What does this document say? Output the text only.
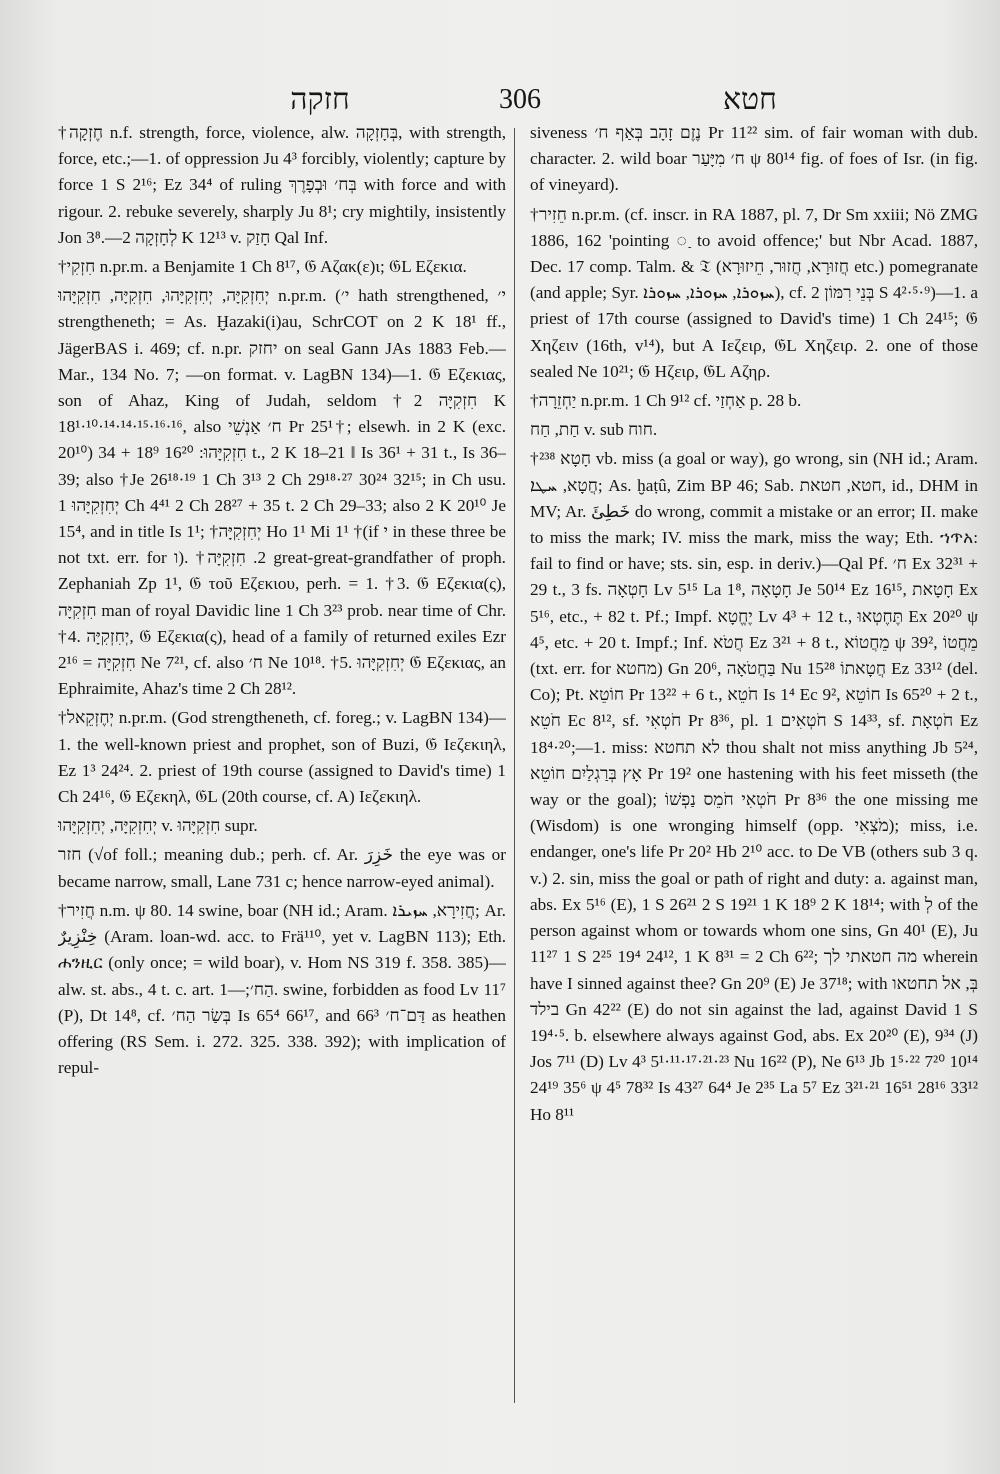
חזקה	306	חטא

†חֶזְקָה n.f. strength, force, violence, alw. בְּחָזְקָה, with strength, force, etc.;—1. of oppression Ju 4³ forcibly, violently; capture by force 1 S 2¹⁶; Ez 34⁴ of ruling בְּח׳ וּבְפָרֶךְ with force and with rigour. 2. rebuke severely, sharply Ju 8¹; cry mightily, insistently Jon 3⁸.—לְחָזְקָה 2 K 12¹³ v. חָזַק Qal Inf.

†חִזְקִי n.pr.m. a Benjamite 1 Ch 8¹⁷, 𝔊 Aζακ(ε)ι; 𝔊L Εζεκια.

יְחִזְקִיָּה, יְחִזְקִיָּהוּ, חִזְקִיָּה, חִזְקִיָּהוּ n.pr.m. (י׳ hath strengthened, י׳ strengtheneth; = As. Ḫazaki(i)au, SchrCOT on 2 K 18¹ ff., JägerBAS i. 469; cf. n.pr. יחזק on seal Gann JAs 1883 Feb.—Mar., 134 No. 7; —on format. v. LagBN 134)—1. 𝔊 Εζεκιας, son of Ahaz, King of Judah, seldom †חִזְקִיָּה 2 K 18¹·¹⁰·¹⁴·¹⁴·¹⁵·¹⁶·¹⁶, also ח׳ אַנְשֵׁי Pr 25¹†; elsewh. in 2 K (exc. 20¹⁰) חִזְקִיָּהוּ: 16²⁰ 18⁹ + 34 t., 2 K 18–21 ‖ Is 36¹ + 31 t., Is 36–39; also †Je 26¹⁸·¹⁹ 1 Ch 3¹³ 2 Ch 29¹⁸·²⁷ 30²⁴ 32¹⁵; in Ch usu. יְחִזְקִיָּהוּ 1 Ch 4⁴¹ 2 Ch 28²⁷ + 35 t. 2 Ch 29–33; also 2 K 20¹⁰ Je 15⁴, and in title Is 1¹; †יְחִזְקִיָּה Ho 1¹ Mi 1¹ †(if י in these three be not txt. err. for ו). †2. חִזְקִיָּה great-great-grandfather of proph. Zephaniah Zp 1¹, 𝔊 τοῦ Εζεκιου, perh. = 1. †3. 𝔊 Εζεκια(ς), חִזְקִיָּה man of royal Davidic line 1 Ch 3²³ prob. near time of Chr. †4. יְחִזְקִיָּה, 𝔊 Εζεκια(ς), head of a family of returned exiles Ezr 2¹⁶ = חִזְקִיָּה Ne 7²¹, cf. also ח׳ Ne 10¹⁸. †5. יְחִזְקִיָּהוּ 𝔊 Εζεκιας, an Ephraimite, Ahaz's time 2 Ch 28¹².

†יְחֶזְקֵאל n.pr.m. (God strengtheneth, cf. foreg.; v. LagBN 134)—1. the well-known priest and prophet, son of Buzi, 𝔊 Ιεζεκιηλ, Ez 1³ 24²⁴. 2. priest of 19th course (assigned to David's time) 1 Ch 24¹⁶, 𝔊 Εζεκηλ, 𝔊L (20th course, cf. A) Ιεζεκιηλ.

יְחִזְקִיָּה, יְחִזְקִיָּהוּ v. חִזְקִיָּהוּ supr.

חזר (√of foll.; meaning dub.; perh. cf. Ar. خَزِرَ the eye was or became narrow, small, Lane 731 c; hence narrow-eyed animal).

†חֲזִיר n.m. ψ 80. 14 swine, boar (NH id.; Aram. חֲזִירָא, ܚܙܝܪܐ; Ar. خِنْزِيرٌ (Aram. loan-wd. acc. to Frä¹¹⁰, yet v. LagBN 113); Eth. ሐንዚር (only once; = wild boar), v. Hom NS 319 f. 358. 385)—alw. st. abs., 4 t. c. art. הַח׳;—1. swine, forbidden as food Lv 11⁷ (P), Dt 14⁸, cf. בְּשַׂר הַח׳ Is 65⁴ 66¹⁷, and דַּם־ח׳ 66³ as heathen offering (RS Sem. i. 272. 325. 338. 392); with implication of repul-

siveness נֶזֶם זָהָב בְּאַף ח׳ Pr 11²² sim. of fair woman with dub. character. 2. wild boar ח׳ מִיָּעַר ψ 80¹⁴ fig. of foes of Isr. (in fig. of vineyard).

†חֵזִיר n.pr.m. (cf. inscr. in RA 1887, pl. 7, Dr Sm xxiii; Nö ZMG 1886, 162 'pointing ◌ַ to avoid offence;' but Nbr Acad. 1887, Dec. 17 comp. Talm. & 𝔗 (חֲזוּרָא, חֲזוּר, חֵיזוּרָא etc.) pomegranate (and apple; Syr. ܚܙܘܪܐ, ܚܙܘܪܐ, ܚܙܘܪܐ), cf. בְּנֵי רִמּוֹן 2 S 4²·⁵·⁹)—1. a priest of 17th course (assigned to David's time) 1 Ch 24¹⁵; 𝔊 Χηζειν (16th, v¹⁴), but A Ιεζειρ, 𝔊L Χηζειρ. 2. one of those sealed Ne 10²¹; 𝔊 Ηζειρ, 𝔊L Αζηρ.

†יַחְזֵרָה n.pr.m. 1 Ch 9¹² cf. אַחְזַי p. 28 b.

חַת, חַח v. sub חוח.

†חָטָא ²³⁸ vb. miss (a goal or way), go wrong, sin (NH id.; Aram. חֲטָא, ܚܛܐ; As. ḫaṭû, Zim BP 46; Sab. חטא, חטאת, id., DHM in MV; Ar. خَطِئَ do wrong, commit a mistake or an error; II. make to miss the mark; IV. miss the mark, miss the way; Eth. ኀጥአ: fail to find or have; sts. sin, esp. in deriv.)—Qal Pf. ח׳ Ex 32³¹ + 29 t., 3 fs. חָטְאָה Lv 5¹⁵ La 1⁸, חָטָאָה Je 50¹⁴ Ez 16¹⁵, חָטָאת Ex 5¹⁶, etc., + 82 t. Pf.; Impf. יֶחֱטָא Lv 4³ + 12 t., תֶּחֶטְאוּ Ex 20²⁰ ψ 4⁵, etc. + 20 t. Impf.; Inf. חֲטֹא Ez 3²¹ + 8 t., מֵחֲטוֹא ψ 39², מֵחֲטוֹ (txt. err. for מחטא) Gn 20⁶, בַּחֲטֹאָה Nu 15²⁸ חֲטָאתוֹ Ez 33¹² (del. Co); Pt. חוֹטֵא Pr 13²² + 6 t., חֹטֵא Is 1⁴ Ec 9², חוֹטֵא Is 65²⁰ + 2 t., חֹטֵא Ec 8¹², sf. חֹטְאִי Pr 8³⁶, pl. חֹטְאִים 1 S 14³³, sf. חֹטְאָת Ez 18⁴·²⁰;—1. miss: לא תחטא thou shalt not miss anything Jb 5²⁴, אָץ בְּרַגְלַיִם חוֹטֵא Pr 19² one hastening with his feet misseth (the way or the goal); חֹטְאִי חֹמֵס נַפְשׁוֹ Pr 8³⁶ the one missing me (Wisdom) is one wronging himself (opp. מֹצְאִי); miss, i.e. endanger, one's life Pr 20² Hb 2¹⁰ acc. to De VB (others sub 3 q. v.) 2. sin, miss the goal or path of right and duty: a. against man, abs. Ex 5¹⁶ (E), 1 S 26²¹ 2 S 19²¹ 1 K 18⁹ 2 K 18¹⁴; with לְ of the person against whom or towards whom one sins, Gn 40¹ (E), Ju 11²⁷ 1 S 2²⁵ 19⁴ 24¹², 1 K 8³¹ = 2 Ch 6²²; מה חטאתי לך wherein have I sinned against thee? Gn 20⁹ (E) Je 37¹⁸; with בְּ, אל תחטאו בילד Gn 42²² (E) do not sin against the lad, against David 1 S 19⁴·⁵. b. elsewhere always against God, abs. Ex 20²⁰ (E), 9³⁴ (J) Jos 7¹¹ (D) Lv 4³ 5¹·¹¹·¹⁷·²¹·²³ Nu 16²² (P), Ne 6¹³ Jb 1⁵·²² 7²⁰ 10¹⁴ 24¹⁹ 35⁶ ψ 4⁵ 78³² Is 43²⁷ 64⁴ Je 2³⁵ La 5⁷ Ez 3²¹·²¹ 16⁵¹ 28¹⁶ 33¹² Ho 8¹¹
